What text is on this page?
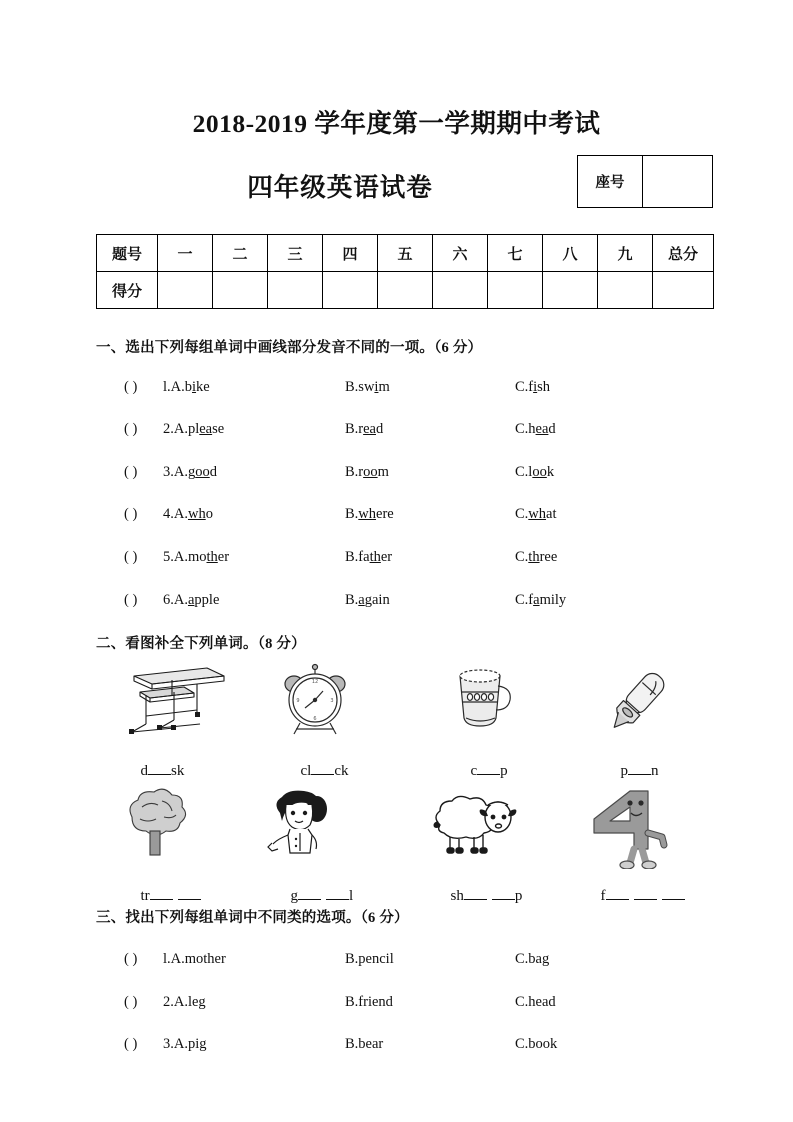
2018-2019 学年度第一学期期中考试
四年级英语试卷	座号
题号	一	二	三	四	五	六	七	八	九	总分
得分										
一、选出下列每组单词中画线部分发音不同的一项。（6 分）
( ) l.A.bike	B.swim	C.fish
( ) 2.A.please	B.read	C.head
( ) 3.A.good	B.room	C.look
( ) 4.A.who	B.where	C.what
( ) 5.A.mother	B.father	C.three
( ) 6.A.apple	B.again	C.family
二、看图补全下列单词。（8 分）

d sk

12
3
6
9

cl ck
	c p
	p n

tr
	g	l
	sh	p
	f

三、找出下列每组单词中不同类的选项。（6 分）
( ) l.A.mother	B.pencil	C.bag
( ) 2.A.leg	B.friend	C.head
( ) 3.A.pig	B.bear	C.book
